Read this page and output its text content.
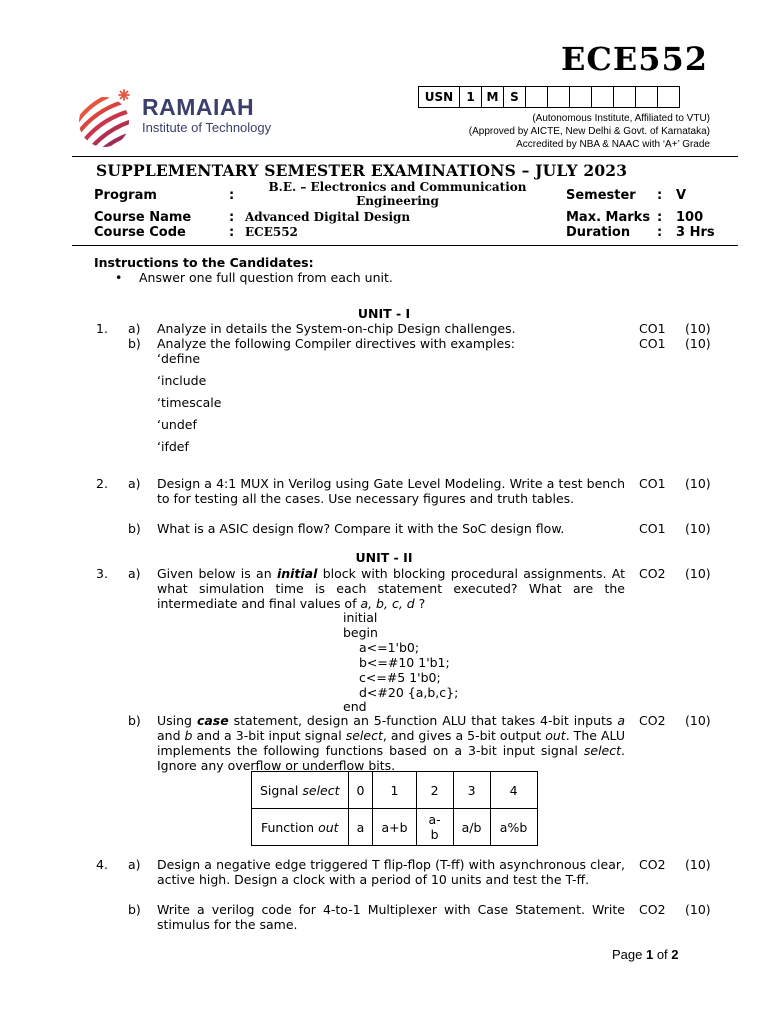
ECE552
USN	1	M	S							
RAMAIAH
Institute of Technology
(Autonomous Institute, Affiliated to VTU)
(Approved by AICTE, New Delhi & Govt. of Karnataka)
Accredited by NBA & NAAC with ‘A+’ Grade
SUPPLEMENTARY SEMESTER EXAMINATIONS – JULY 2023
Program	:
B.E. – Electronics and Communication
Engineering	Semester : V
Course Name	: Advanced Digital Design	Max. Marks : 100
Course Code	: ECE552	Duration : 3 Hrs
Instructions to the Candidates:
• Answer one full question from each unit.
UNIT - I
1. a) Analyze in details the System-on-chip Design challenges.	CO1 (10)
b) Analyze the following Compiler directives with examples:	CO1 (10)
‘define
‘include
‘timescale
‘undef
‘ifdef
2. a) Design a 4:1 MUX in Verilog using Gate Level Modeling. Write a test bench to for testing all the cases. Use necessary figures and truth tables.
CO1 (10)
b) What is a ASIC design flow? Compare it with the SoC design flow.	CO1 (10)
UNIT - II
3. a) Given below is an initial block with blocking procedural assignments. At what simulation time is each statement executed? What are the intermediate and final values of a, b, c, d ?
CO2 (10)
initial
begin
a<=1'b0;
b<=#10 1'b1;
c<=#5 1'b0;
d<#20 {a,b,c};
end
b) Using case statement, design an 5-function ALU that takes 4-bit inputs a and b and a 3-bit input signal select, and gives a 5-bit output out. The ALU implements the following functions based on a 3-bit input signal select. Ignore any overflow or underflow bits.
CO2 (10)
Signal select	0	1	2	3	4
Function out	a	a+b	a-b	a/b	a%b
4. a) Design a negative edge triggered T flip-flop (T-ff) with asynchronous clear, active high. Design a clock with a period of 10 units and test the T-ff.
CO2 (10)
b) Write a verilog code for 4-to-1 Multiplexer with Case Statement. Write stimulus for the same.
CO2 (10)
Page 1 of 2
